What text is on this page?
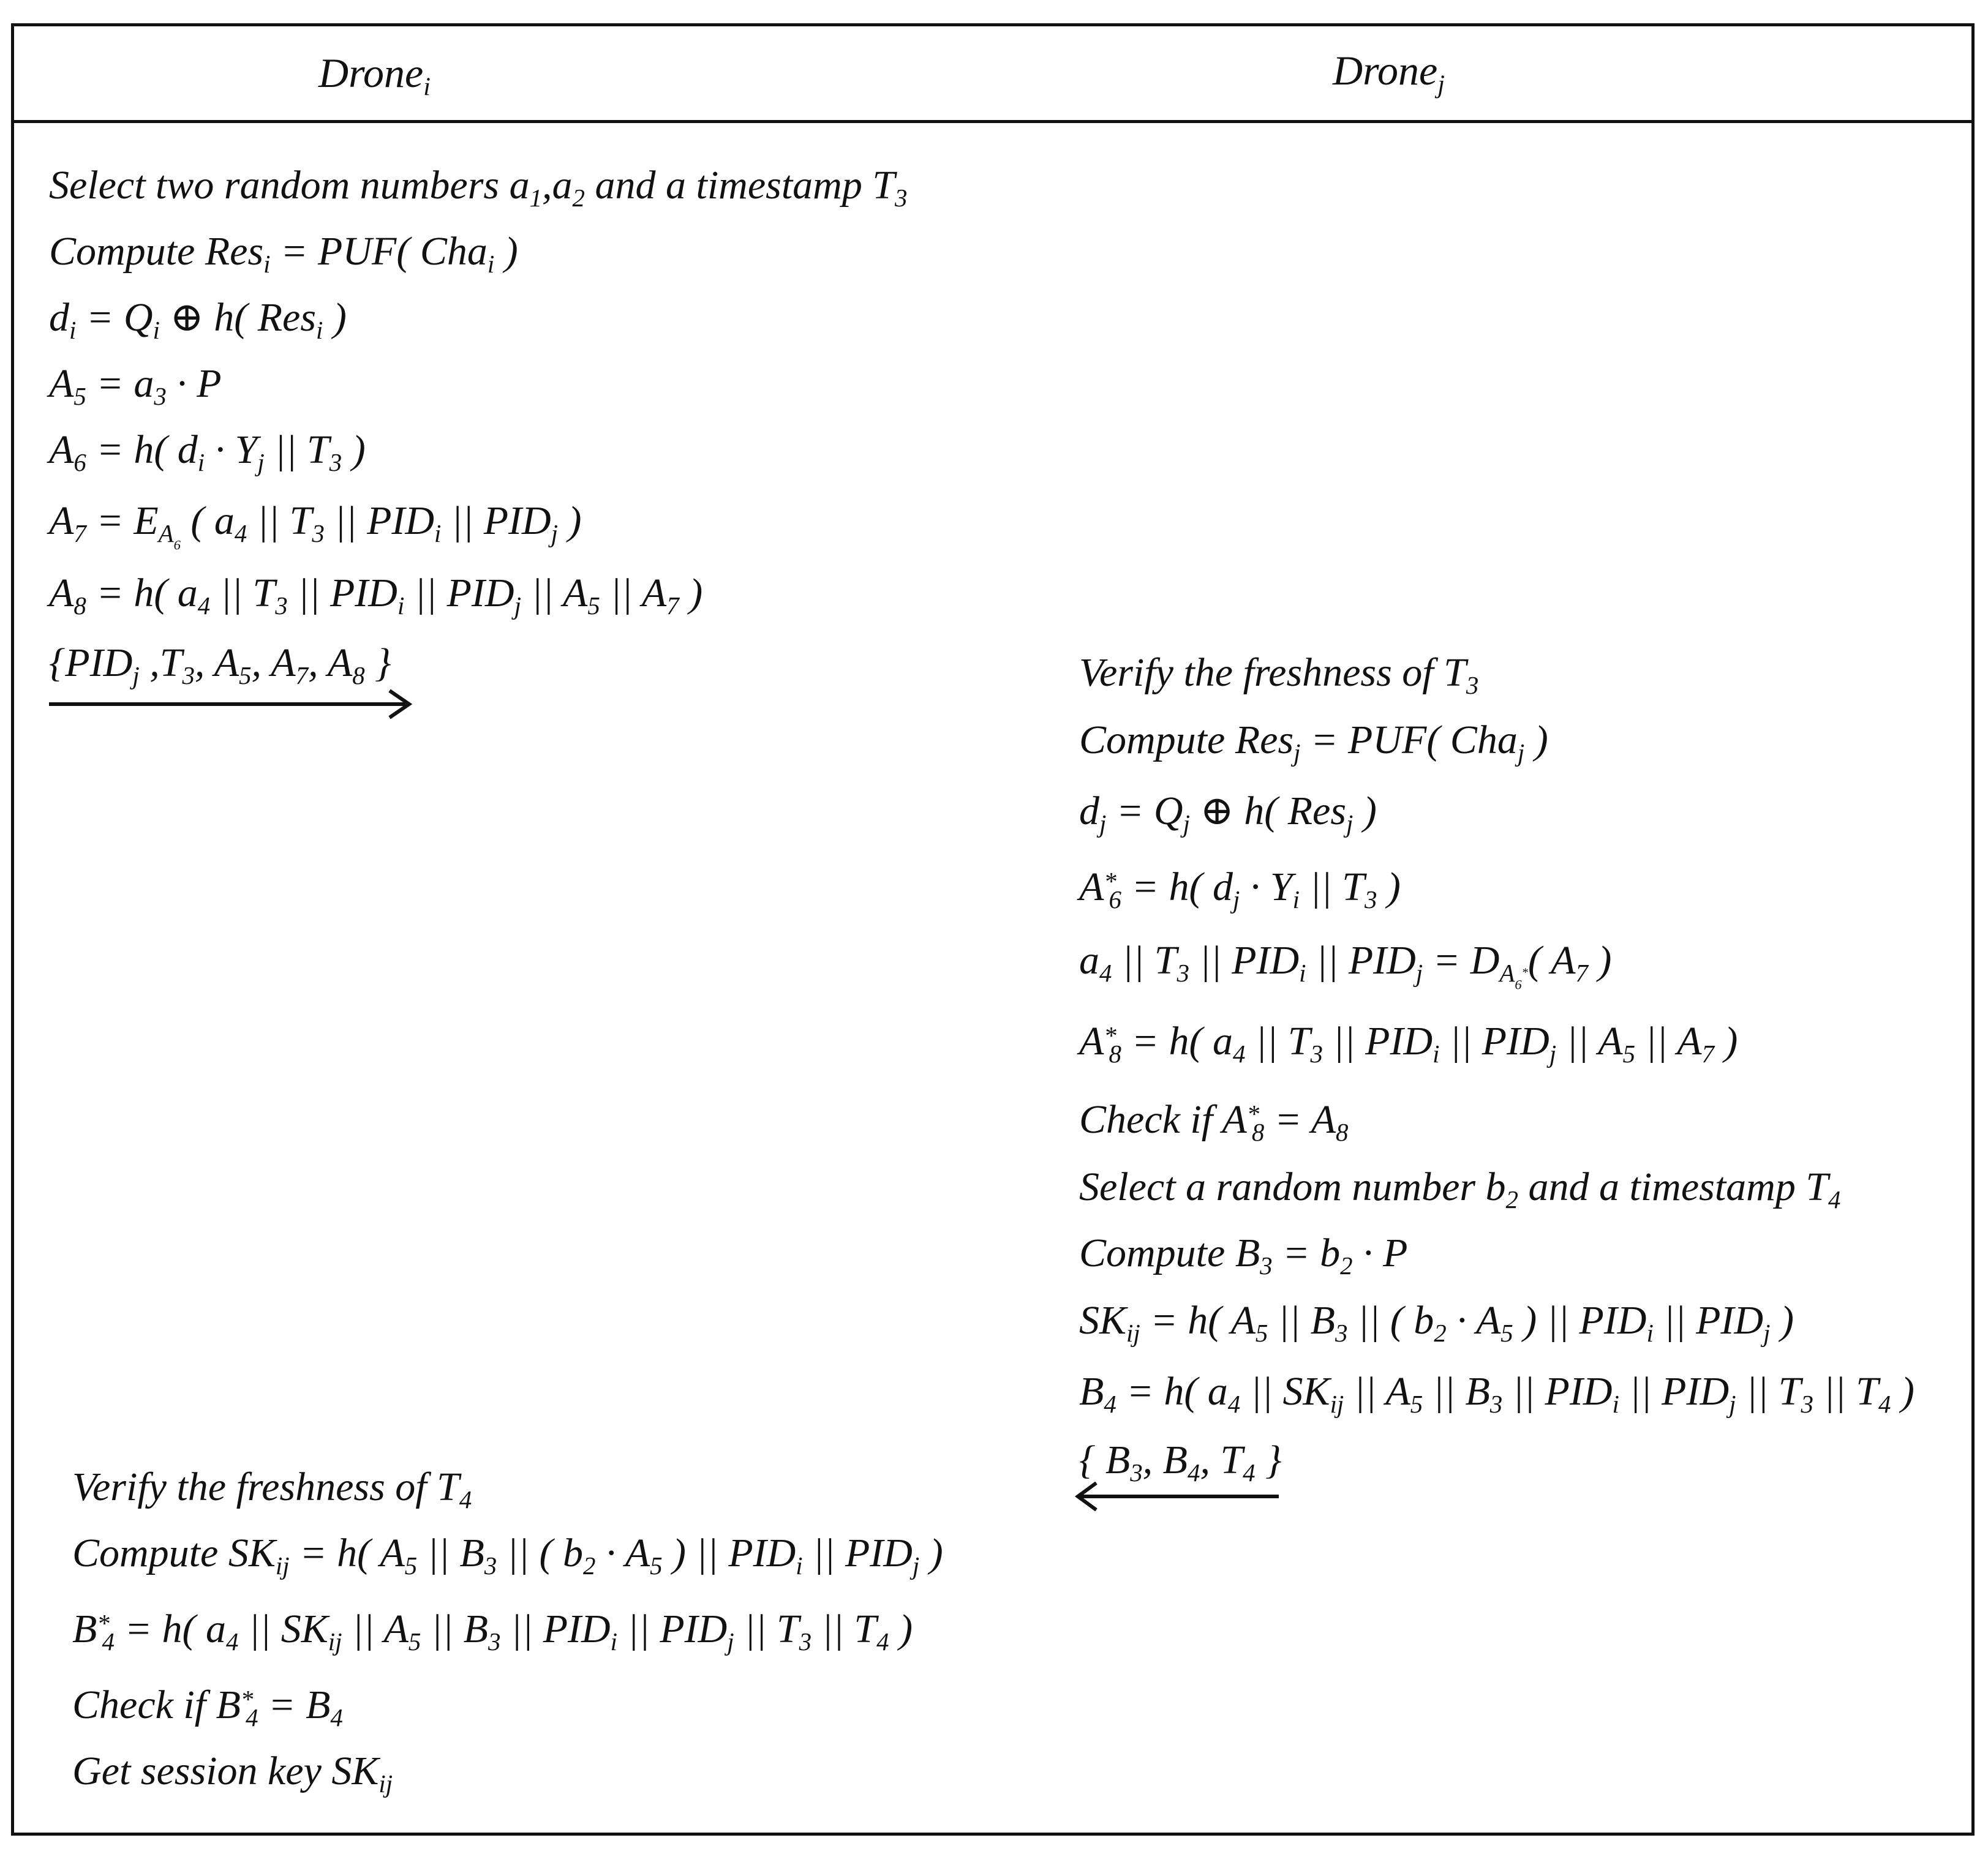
Drone$_i$	Drone$_j$
Select two random numbers $a_1,a_2$ and a timestamp $T_3$
Compute Res$_i$ = PUF( Cha$_i$ )
$d_i = Q_i$ ⊕ h( Res$_i$ )
$A_5 = a_3 \cdot P$
$A_6 = h$( $d_i \cdot Y_j$ || $T_3$ )
$A_7 = E_{A_6}$ ( $a_4$ || $T_3$ || $PID_i$ || $PID_j$ )
$A_8 = h$( $a_4$ || $T_3$ || $PID_i$ || $PID_j$ || $A_5$ || $A_7$ )
{$PID_j$ $,T_3$, $A_5$, $A_7$, $A_8$ }	Verify the freshness of $T_3$
Compute Res$_j$ = PUF( Cha$_j$ )
$d_j = Q_j$ ⊕ h( Res$_j$ )
$A^*_6 = h$( $d_j \cdot Y_i$ || $T_3$ )
$a_4$ || $T_3$ || $PID_i$ || $PID_j = D_{A_6^*}$( $A_7$ )
$A^*_8 = h$( $a_4$ || $T_3$ || $PID_i$ || $PID_j$ || $A_5$ || $A_7$ )
Check if $A^*_8 = A_8$
Select a random number $b_2$ and a timestamp $T_4$
Compute $B_3 = b_2 \cdot P$
$SK_{ij} = h$( $A_5$ || $B_3$ || ( $b_2 \cdot A_5$ ) || $PID_i$ || $PID_j$ )
$B_4 = h$( $a_4$ || $SK_{ij}$ || $A_5$ || $B_3$ || $PID_i$ || $PID_j$ || $T_3$ || $T_4$ )
{ $B_3$, $B_4$, $T_4$ }
Verify the freshness of $T_4$
Compute $SK_{ij} = h$( $A_5$ || $B_3$ || ( $b_2 \cdot A_5$ ) || $PID_i$ || $PID_j$ )
$B^*_4 = h$( $a_4$ || $SK_{ij}$ || $A_5$ || $B_3$ || $PID_i$ || $PID_j$ || $T_3$ || $T_4$ )
Check if $B^*_4 = B_4$
Get session key $SK_{ij}$
